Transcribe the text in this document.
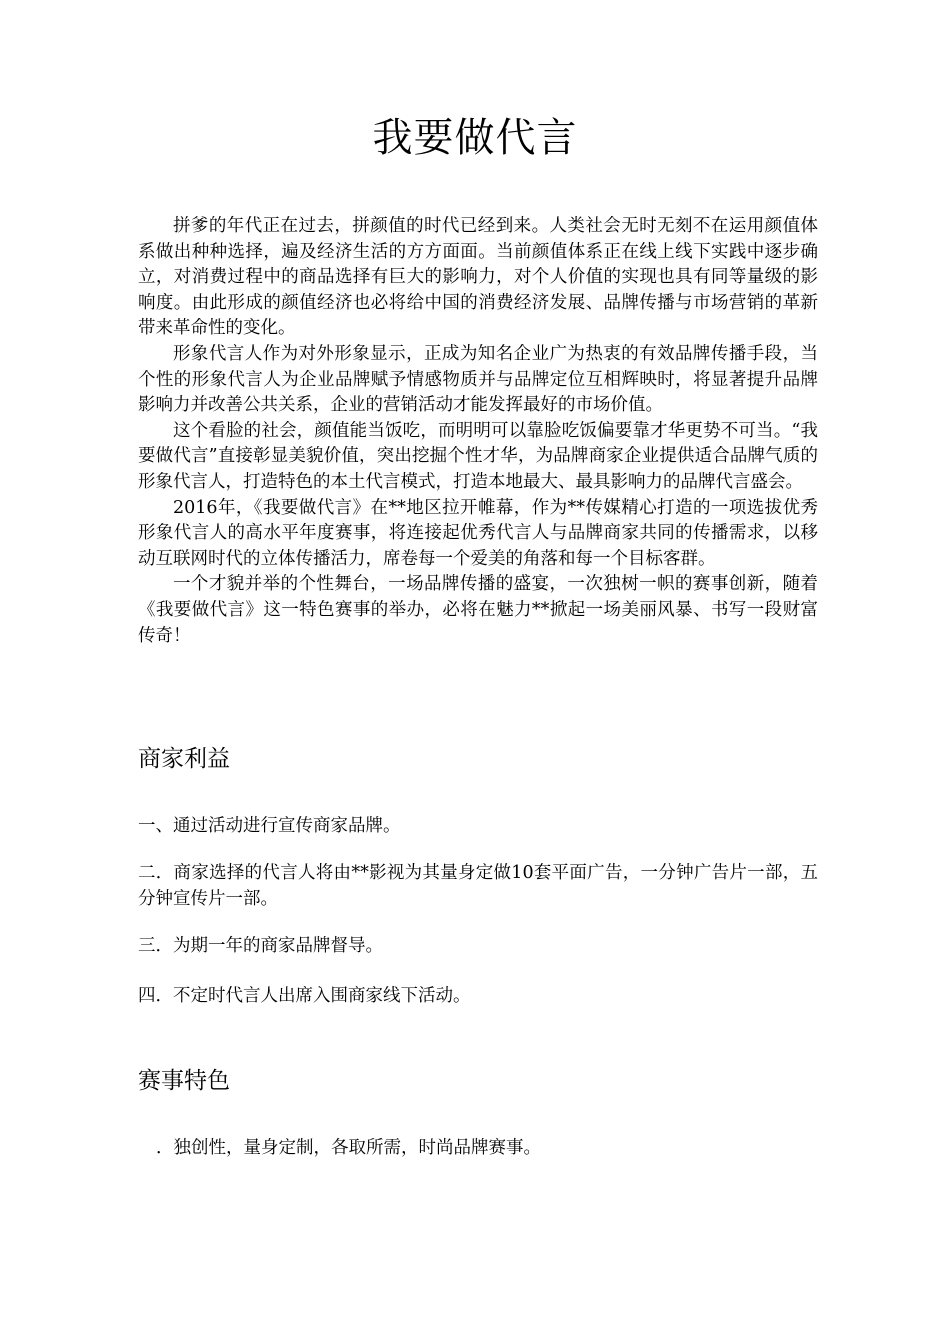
我要做代言

拼爹的年代正在过去，拼颜值的时代已经到来。人类社会无时无刻不在运用颜值体系做出种种选择，遍及经济生活的方方面面。当前颜值体系正在线上线下实践中逐步确立，对消费过程中的商品选择有巨大的影响力，对个人价值的实现也具有同等量级的影响度。由此形成的颜值经济也必将给中国的消费经济发展、品牌传播与市场营销的革新带来革命性的变化。

形象代言人作为对外形象显示，正成为知名企业广为热衷的有效品牌传播手段，当个性的形象代言人为企业品牌赋予情感物质并与品牌定位互相辉映时，将显著提升品牌影响力并改善公共关系，企业的营销活动才能发挥最好的市场价值。

这个看脸的社会，颜值能当饭吃，而明明可以靠脸吃饭偏要靠才华更势不可当。“我要做代言”直接彰显美貌价值，突出挖掘个性才华，为品牌商家企业提供适合品牌气质的形象代言人，打造特色的本土代言模式，打造本地最大、最具影响力的品牌代言盛会。

2016年，《我要做代言》在**地区拉开帷幕，作为**传媒精心打造的一项选拔优秀形象代言人的高水平年度赛事，将连接起优秀代言人与品牌商家共同的传播需求，以移动互联网时代的立体传播活力，席卷每一个爱美的角落和每一个目标客群。

一个才貌并举的个性舞台，一场品牌传播的盛宴，一次独树一帜的赛事创新，随着《我要做代言》这一特色赛事的举办，必将在魅力**掀起一场美丽风暴、书写一段财富传奇！

商家利益

一、通过活动进行宣传商家品牌。

二．商家选择的代言人将由**影视为其量身定做10套平面广告，一分钟广告片一部，五分钟宣传片一部。

三．为期一年的商家品牌督导。

四．不定时代言人出席入围商家线下活动。

赛事特色

．独创性，量身定制，各取所需，时尚品牌赛事。
